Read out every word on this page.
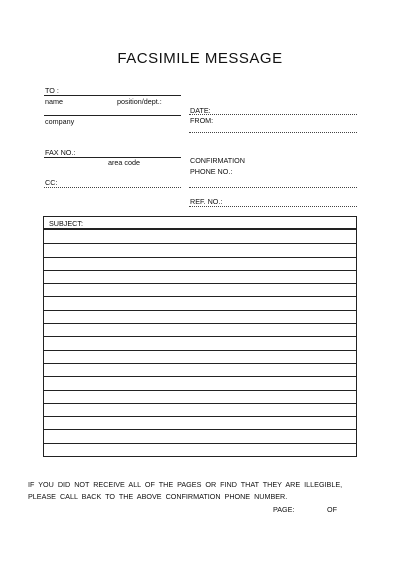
FACSIMILE MESSAGE
TO :
name	position/dept.:
company
FAX NO.:
area code
CC:
DATE:
FROM:
CONFIRMATION
PHONE NO.:
REF. NO.:
SUBJECT:
IF YOU DID NOT RECEIVE ALL OF THE PAGES OR FIND THAT THEY ARE ILLEGIBLE,
PLEASE CALL BACK TO THE ABOVE CONFIRMATION PHONE NUMBER.
PAGE:	OF
